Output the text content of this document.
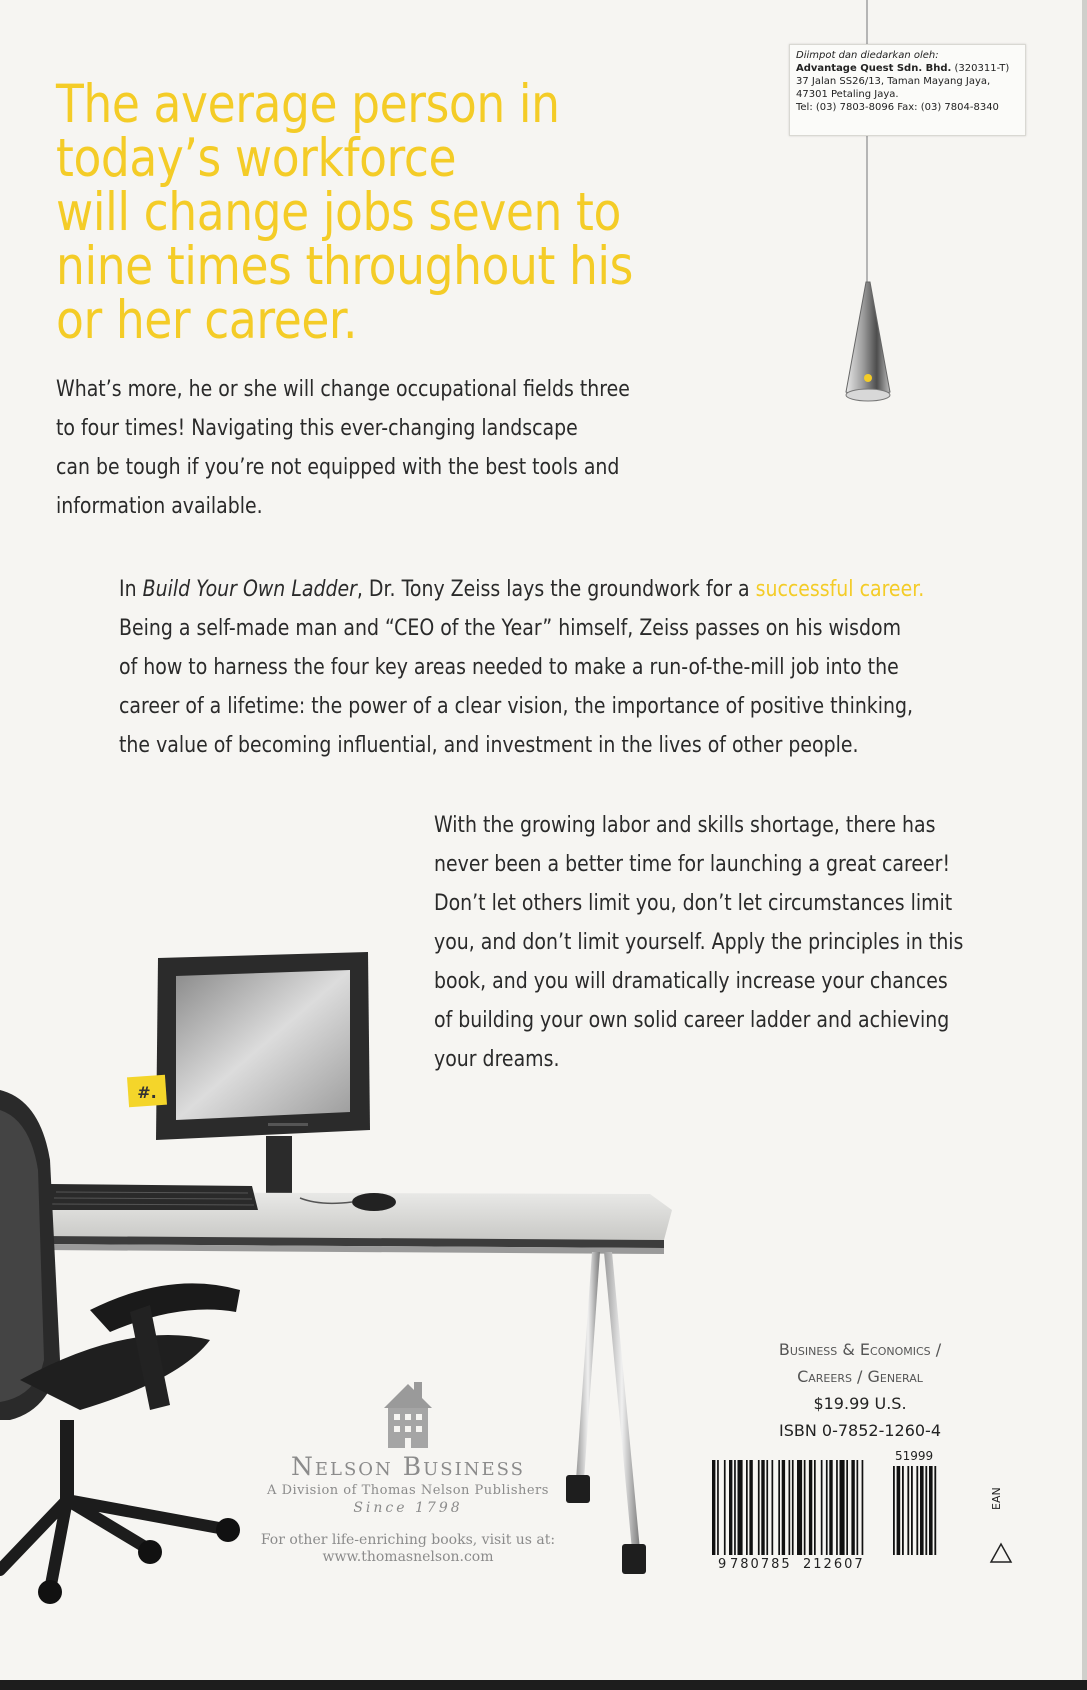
Diimpot dan diedarkan oleh:
Advantage Quest Sdn. Bhd. (320311-T)
37 Jalan SS26/13, Taman Mayang Jaya,
47301 Petaling Jaya.
Tel: (03) 7803-8096 Fax: (03) 7804-8340
The average person in
today’s workforce
will change jobs seven to
nine times throughout his
or her career.
What’s more, he or she will change occupational fields three
to four times! Navigating this ever-changing landscape
can be tough if you’re not equipped with the best tools and
information available.
In Build Your Own Ladder, Dr. Tony Zeiss lays the groundwork for a successful career.
Being a self-made man and “CEO of the Year” himself, Zeiss passes on his wisdom
of how to harness the four key areas needed to make a run-of-the-mill job into the
career of a lifetime: the power of a clear vision, the importance of positive thinking,
the value of becoming influential, and investment in the lives of other people.
With the growing labor and skills shortage, there has
never been a better time for launching a great career!
Don’t let others limit you, don’t let circumstances limit
you, and don’t limit yourself. Apply the principles in this
book, and you will dramatically increase your chances
of building your own solid career ladder and achieving
your dreams.
#.
Nelson Business
A Division of Thomas Nelson Publishers
Since 1798
For other life-enriching books, visit us at:
www.thomasnelson.com
Business & Economics /
Careers / General
$19.99 U.S.
ISBN 0-7852-1260-4
9 780785 212607
51999
EAN
